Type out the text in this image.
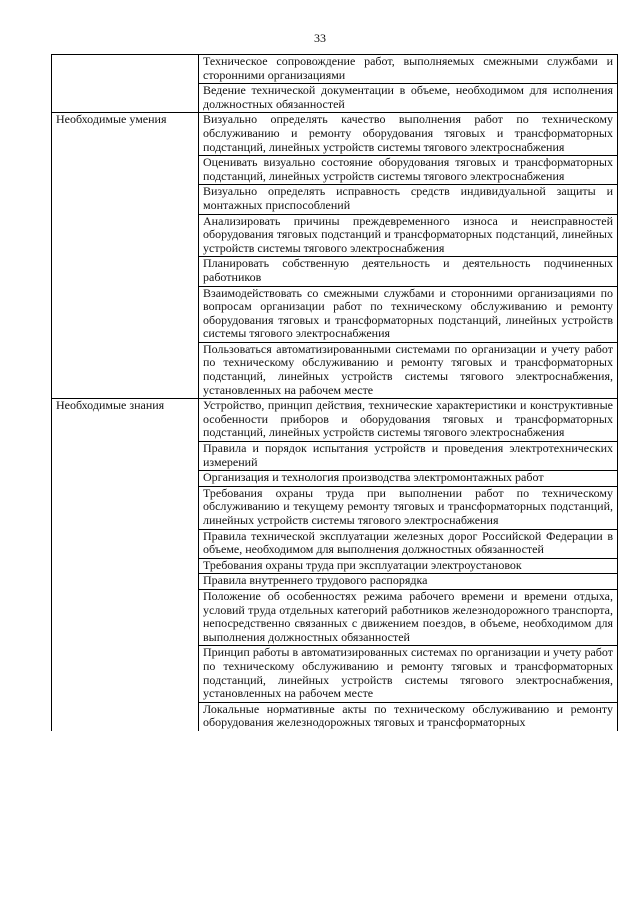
33
	Техническое сопровождение работ, выполняемых смежными службами и сторонними организациями
	Ведение технической документации в объеме, необходимом для исполнения должностных обязанностей
Необходимые умения	Визуально определять качество выполнения работ по техническому обслуживанию и ремонту оборудования тяговых и трансформаторных подстанций, линейных устройств системы тягового электроснабжения
	Оценивать визуально состояние оборудования тяговых и трансформаторных подстанций, линейных устройств системы тягового электроснабжения
	Визуально определять исправность средств индивидуальной защиты и монтажных приспособлений
	Анализировать причины преждевременного износа и неисправностей оборудования тяговых подстанций и трансформаторных подстанций, линейных устройств системы тягового электроснабжения
	Планировать собственную деятельность и деятельность подчиненных работников
	Взаимодействовать со смежными службами и сторонними организациями по вопросам организации работ по техническому обслуживанию и ремонту оборудования тяговых и трансформаторных подстанций, линейных устройств системы тягового электроснабжения
	Пользоваться автоматизированными системами по организации и учету работ по техническому обслуживанию и ремонту тяговых и трансформаторных подстанций, линейных устройств системы тягового электроснабжения, установленных на рабочем месте
Необходимые знания	Устройство, принцип действия, технические характеристики и конструктивные особенности приборов и оборудования тяговых и трансформаторных подстанций, линейных устройств системы тягового электроснабжения
	Правила и порядок испытания устройств и проведения электротехнических измерений
	Организация и технология производства электромонтажных работ
	Требования охраны труда при выполнении работ по техническому обслуживанию и текущему ремонту тяговых и трансформаторных подстанций, линейных устройств системы тягового электроснабжения
	Правила технической эксплуатации железных дорог Российской Федерации в объеме, необходимом для выполнения должностных обязанностей
	Требования охраны труда при эксплуатации электроустановок
	Правила внутреннего трудового распорядка
	Положение об особенностях режима рабочего времени и времени отдыха, условий труда отдельных категорий работников железнодорожного транспорта, непосредственно связанных с движением поездов, в объеме, необходимом для выполнения должностных обязанностей
	Принцип работы в автоматизированных системах по организации и учету работ по техническому обслуживанию и ремонту тяговых и трансформаторных подстанций, линейных устройств системы тягового электроснабжения, установленных на рабочем месте

	Локальные нормативные акты по техническому обслуживанию и ремонту оборудования железнодорожных тяговых и трансформаторных
